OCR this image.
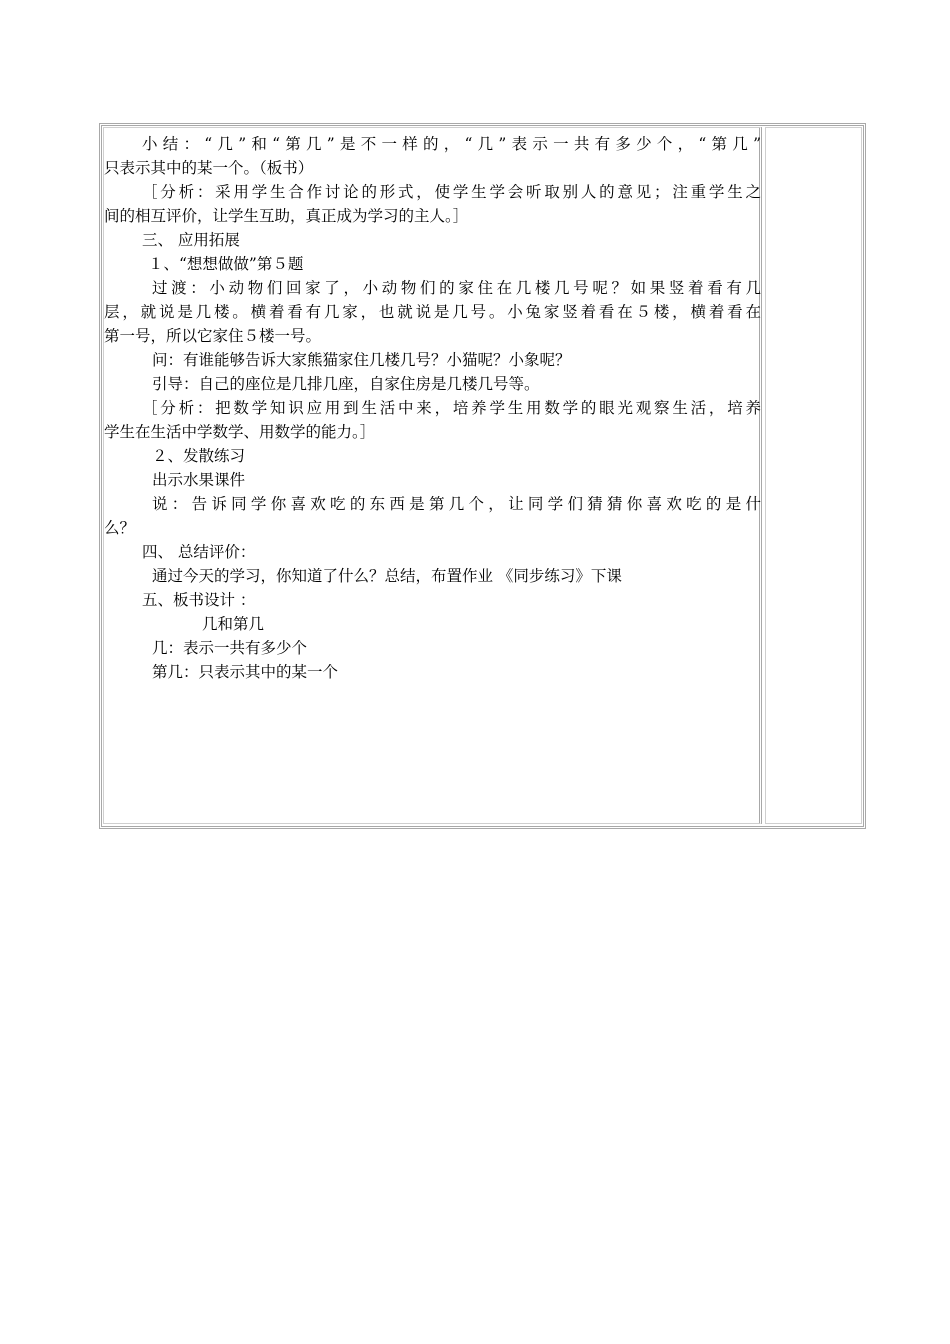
小结：“几”和“第几”是不一样的，“几”表示一共有多少个，“第几”
只表示其中的某一个。（板书）
［分析：采用学生合作讨论的形式，使学生学会听取别人的意见；注重学生之
间的相互评价，让学生互助，真正成为学习的主人。］
三、 应用拓展
１、“想想做做”第５题
过渡：小动物们回家了，小动物们的家住在几楼几号呢？如果竖着看有几
层，就说是几楼。横着看有几家，也就说是几号。小兔家竖着看在５楼，横着看在
第一号，所以它家住５楼一号。
问：有谁能够告诉大家熊猫家住几楼几号？小猫呢？小象呢？
引导：自己的座位是几排几座，自家住房是几楼几号等。
［分析：把数学知识应用到生活中来，培养学生用数学的眼光观察生活，培养
学生在生活中学数学、用数学的能力。］
２、发散练习
出示水果课件
说：告诉同学你喜欢吃的东西是第几个，让同学们猜猜你喜欢吃的是什
么？
四、 总结评价：
通过今天的学习，你知道了什么？总结，布置作业 《同步练习》下课
五、板书设计 ：
几和第几
几：表示一共有多少个
第几：只表示其中的某一个
